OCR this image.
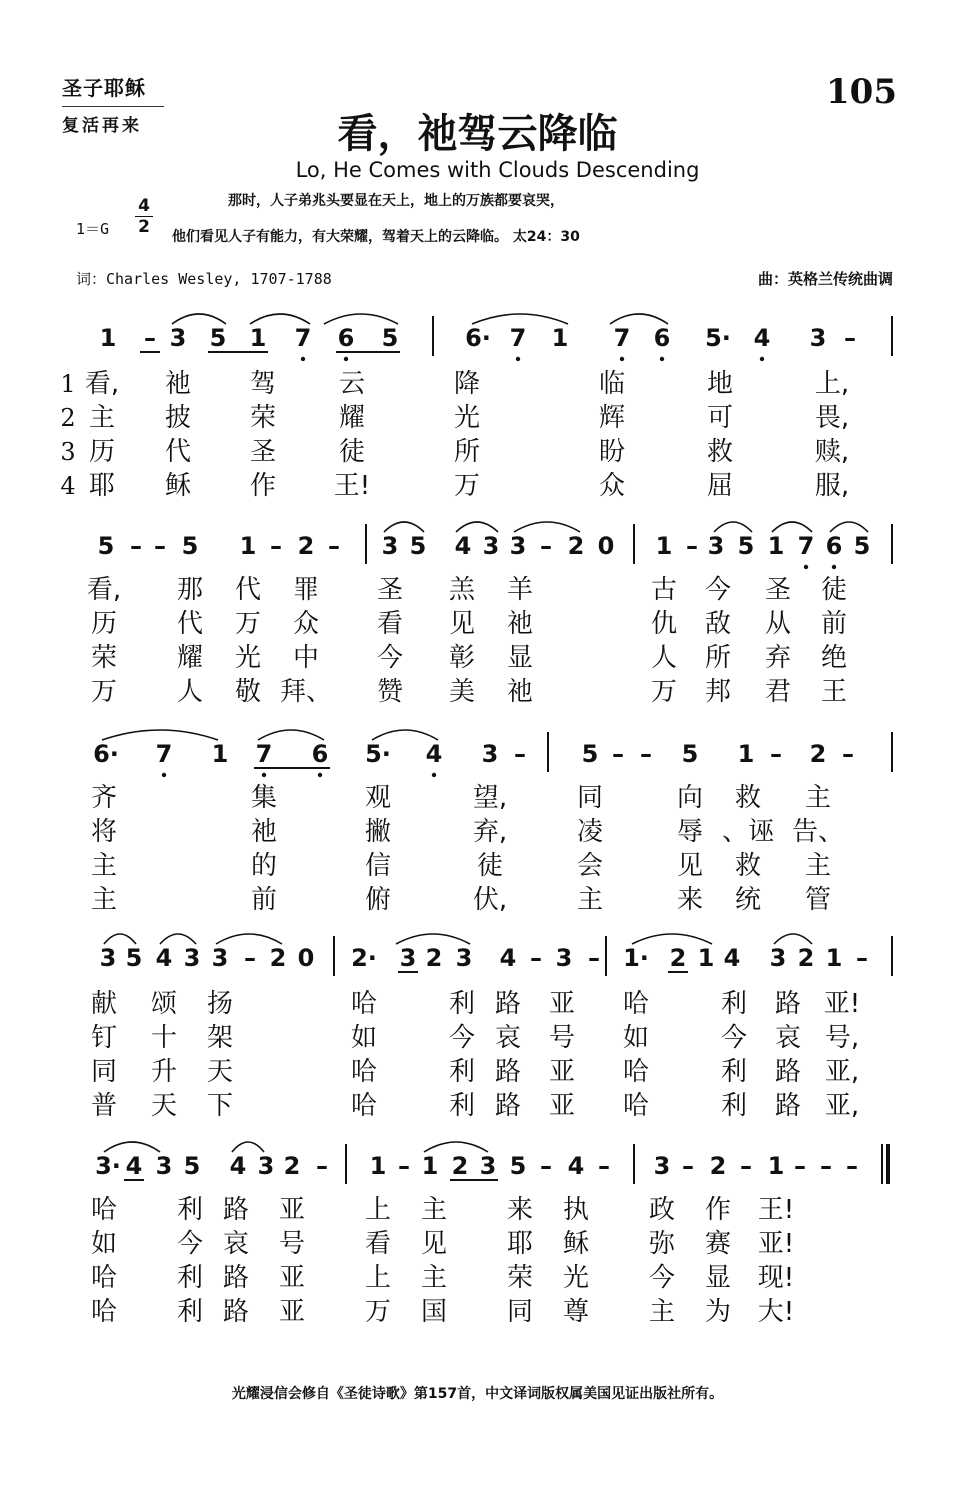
圣子耶稣
复活再来
105
看，祂驾云降临
Lo, He Comes with Clouds Descending
那时，人子弟兆头要显在天上，地上的万族都要哀哭，
他们看见人子有能力，有大荣耀，驾着天上的云降临。 太24：30
1＝G
4
2
词：Charles Wesley, 1707-1788	曲：英格兰传统曲调
1 – 3 5 1 7 6 5	6· 7 1 7 6 5· 4 3 –
1 看, 祂 驾 云	降	临	地	上,
2 主 披 荣 耀	光	辉	可	畏,
3 历 代 圣 徒	所	盼	救	赎,
4 耶 稣 作 王!	万	众	屈	服,
5 – – 5 1 – 2 – 3 5 4 3 3 – 2 0 1 – 3 5 1 7 6 5
看, 那 代 罪 圣 羔 羊	古 今 圣 徒
历 代 万 众 看 见 祂	仇 敌 从 前
荣 耀 光 中 今 彰 显	人 所 弃 绝
万 人 敬 拜、 赞 美 祂	万 邦 君 王
6· 7 1 7 6 5· 4 3 – 5 – – 5 1 – 2 –
齐	集	观	望,	同	向 救 主
将	祂	撇	弃,	凌	辱 、诬 告、
主	的	信	徒	会	见 救 主
主	前	俯	伏,	主	来 统 管
3 5 4 3 3 – 2 0 2· 3 2 3 4 – 3 – 1· 2 1 4 3 2 1 –
献 颂 扬	哈	利 路 亚 哈	利 路 亚!
钉 十 架	如	今 哀 号 如	今 哀 号,
同 升 天	哈	利 路 亚 哈	利 路 亚,
普 天 下	哈	利 路 亚 哈	利 路 亚,
3· 4 3 5 4 3 2 – 1 – 1 2 3 5 – 4 – 3 – 2 – 1 – – –
哈 利 路 亚 上 主 来 执 政 作 王!
如 今 哀 号 看 见 耶 稣 弥 赛 亚!
哈 利 路 亚 上 主 荣 光 今 显 现!
哈 利 路 亚 万 国 同 尊 主 为 大!
光耀浸信会修自《圣徒诗歌》第157首，中文译词版权属美国见证出版社所有。
